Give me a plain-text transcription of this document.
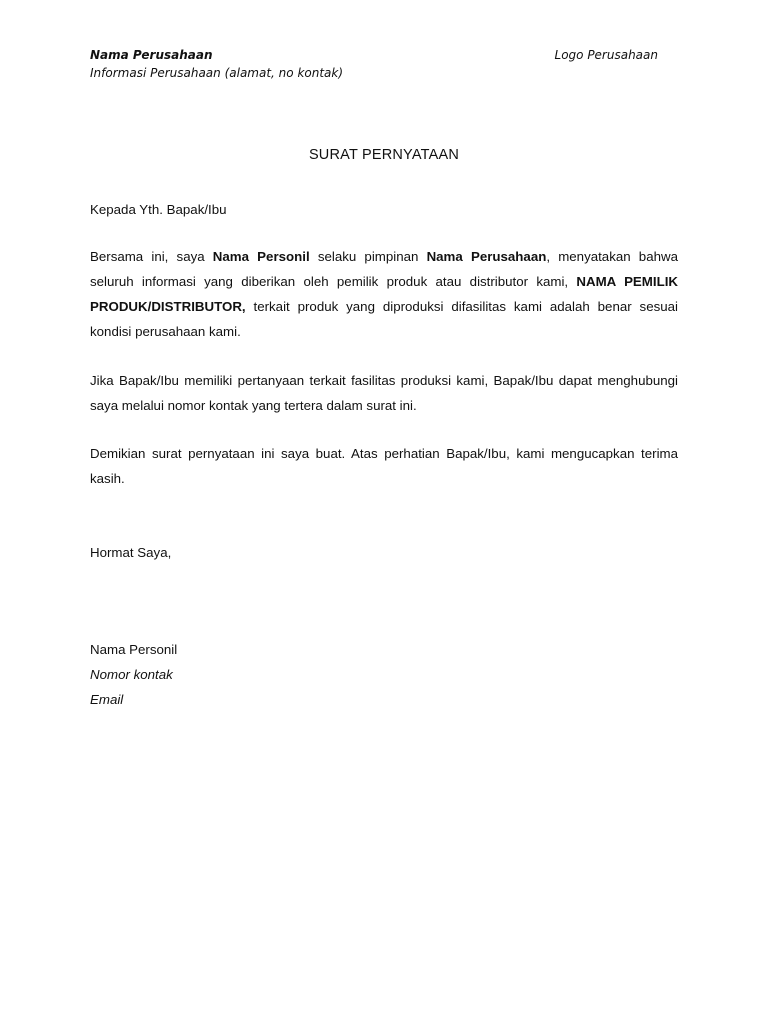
Nama Perusahaan
Informasi Perusahaan (alamat, no kontak)
Logo Perusahaan
SURAT PERNYATAAN
Kepada Yth. Bapak/Ibu
Bersama ini, saya Nama Personil selaku pimpinan Nama Perusahaan, menyatakan bahwa seluruh informasi yang diberikan oleh pemilik produk atau distributor kami, NAMA PEMILIK PRODUK/DISTRIBUTOR, terkait produk yang diproduksi difasilitas kami adalah benar sesuai kondisi perusahaan kami.
Jika Bapak/Ibu memiliki pertanyaan terkait fasilitas produksi kami, Bapak/Ibu dapat menghubungi saya melalui nomor kontak yang tertera dalam surat ini.
Demikian surat pernyataan ini saya buat. Atas perhatian Bapak/Ibu, kami mengucapkan terima kasih.
Hormat Saya,
Nama Personil
Nomor kontak
Email
